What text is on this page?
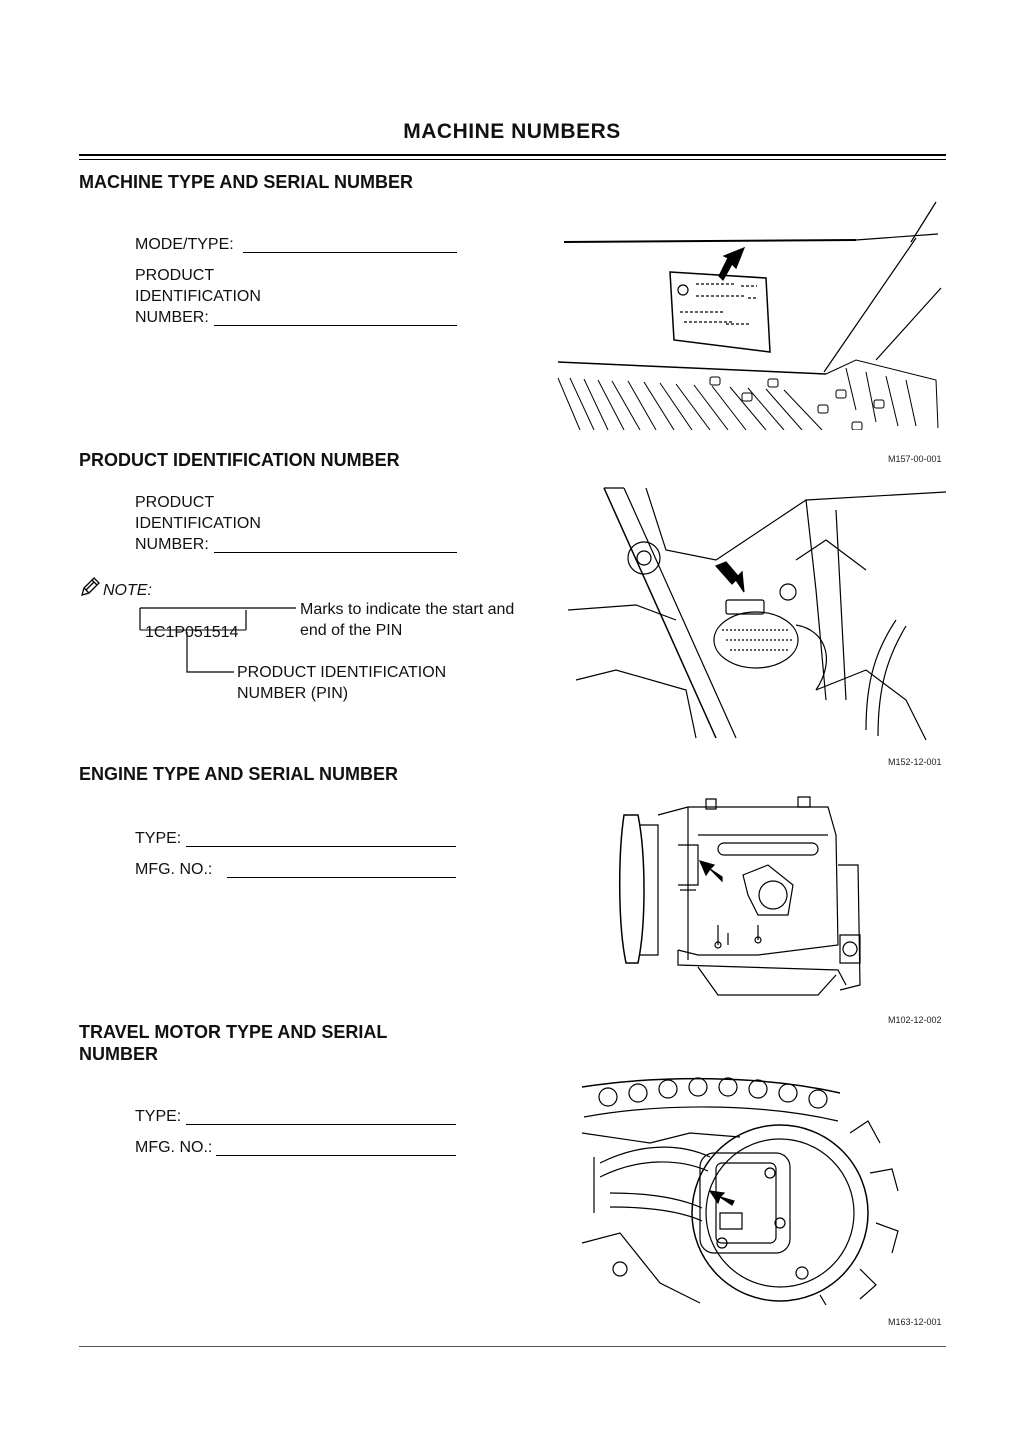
MACHINE NUMBERS
MACHINE TYPE AND SERIAL NUMBER
MODE/TYPE:
PRODUCT
IDENTIFICATION
NUMBER:
M157-00-001
PRODUCT IDENTIFICATION NUMBER
PRODUCT
IDENTIFICATION
NUMBER:
NOTE:
1C1P051514
Marks to indicate the start and
end of the PIN
PRODUCT IDENTIFICATION
NUMBER (PIN)
M152-12-001
ENGINE TYPE AND SERIAL NUMBER
TYPE:
MFG. NO.:
M102-12-002
TRAVEL MOTOR TYPE AND SERIAL
NUMBER
TYPE:
MFG. NO.:
M163-12-001
